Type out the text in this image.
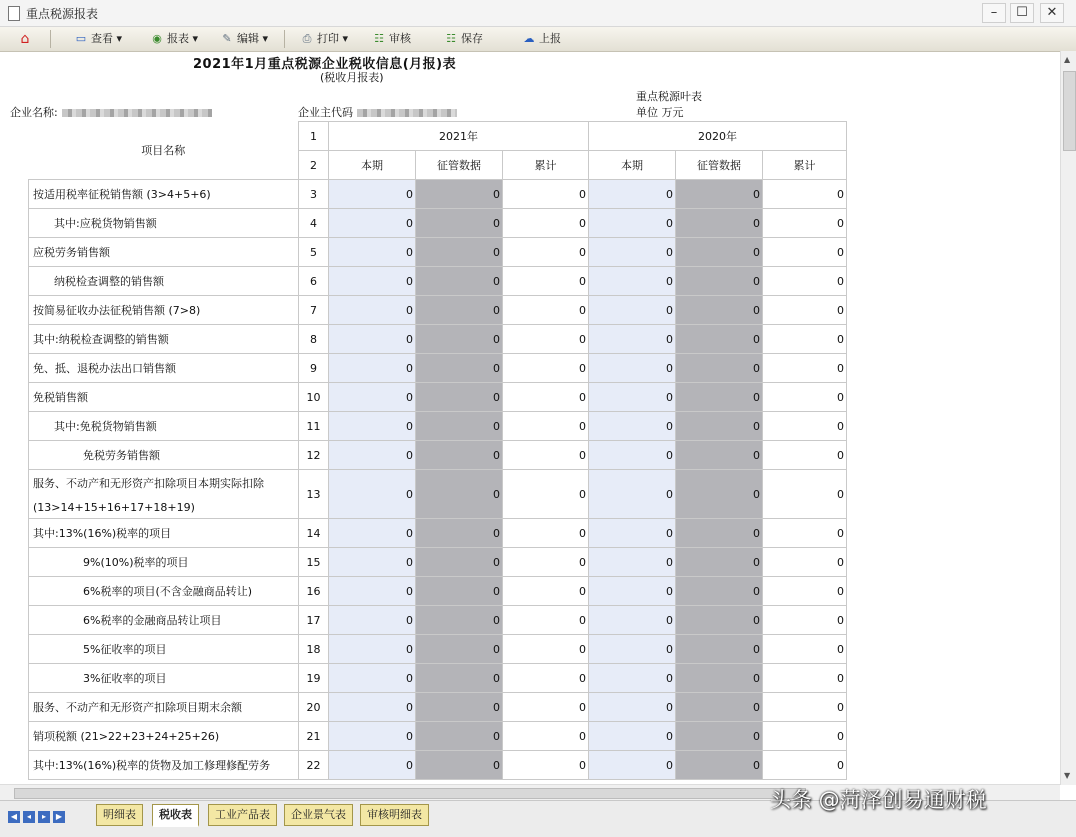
重点税源报表	–	☐	✕
⌂	▭ 查看 ▾	◉ 报表 ▾	✎ 编辑 ▾	⎙ 打印 ▾	☷ 审核	☷ 保存	☁ 上报
2021年1月重点税源企业税收信息(月报)表
(税收月报表)
重点税源叶表
企业名称:	企业主代码	单位 万元
项目名称	1	2021年			2020年		
	2	本期	征管数据	累计	本期	征管数据	累计

按适用税率征税销售额 (3>4+5+6)	3	0	0	0	0	0	0

其中:应税货物销售额	4	0	0	0	0	0	0

应税劳务销售额	5	0	0	0	0	0	0

纳税检查调整的销售额	6	0	0	0	0	0	0

按简易征收办法征税销售额 (7>8)	7	0	0	0	0	0	0

其中:纳税检查调整的销售额	8	0	0	0	0	0	0

免、抵、退税办法出口销售额	9	0	0	0	0	0	0

免税销售额	10	0	0	0	0	0	0

其中:免税货物销售额	11	0	0	0	0	0	0

免税劳务销售额	12	0	0	0	0	0	0

服务、不动产和无形资产扣除项目本期实际扣除
(13>14+15+16+17+18+19)	13	0	0	0	0	0	0

其中:13%(16%)税率的项目	14	0	0	0	0	0	0

9%(10%)税率的项目	15	0	0	0	0	0	0

6%税率的项目(不含金融商品转让)	16	0	0	0	0	0	0

6%税率的金融商品转让项目	17	0	0	0	0	0	0

5%征收率的项目	18	0	0	0	0	0	0

3%征收率的项目	19	0	0	0	0	0	0

服务、不动产和无形资产扣除项目期末余额	20	0	0	0	0	0	0

销项税额 (21>22+23+24+25+26)	21	0	0	0	0	0	0

其中:13%(16%)税率的货物及加工修理修配劳务	22	0	0	0	0	0	0
▲
▼
◀	◂	▸	▶	明细表	税收表	工业产品表	企业景气表	审核明细表
头条 @菏泽创易通财税
